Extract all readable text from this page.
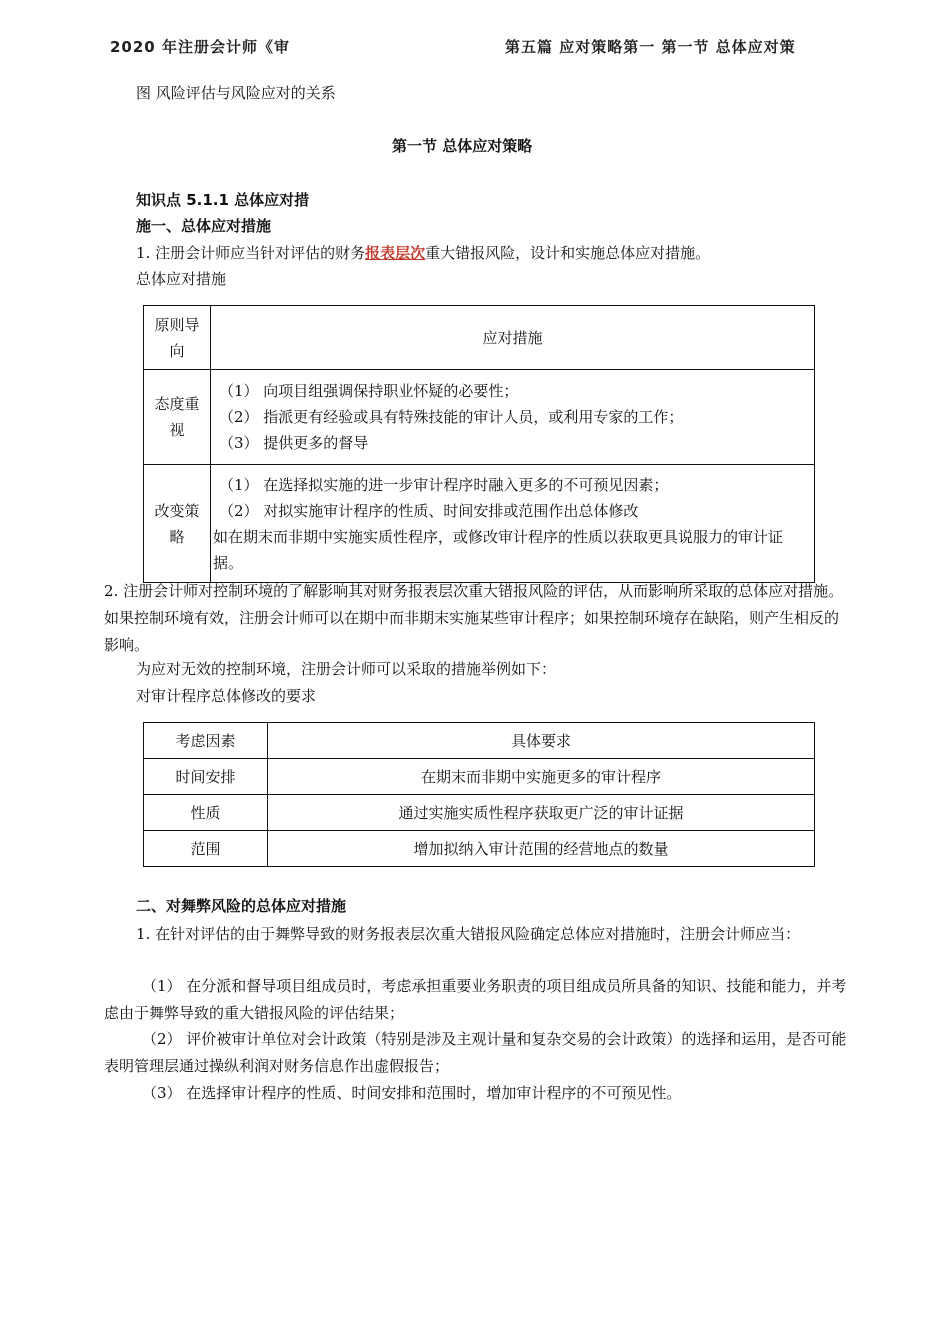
2020 年注册会计师《审	第五篇 应对策略第一 第一节 总体应对策
图 风险评估与风险应对的关系
第一节 总体应对策略
知识点 5.1.1 总体应对措
施一、总体应对措施
1. 注册会计师应当针对评估的财务报表层次重大错报风险，设计和实施总体应对措施。
总体应对措施
原则导向	应对措施
态度重视	（1） 向项目组强调保持职业怀疑的必要性；
（2） 指派更有经验或具有特殊技能的审计人员，或利用专家的工作；
（3） 提供更多的督导

改变策略	（1） 在选择拟实施的进一步审计程序时融入更多的不可预见因素；
（2） 对拟实施审计程序的性质、时间安排或范围作出总体修改
如在期末而非期中实施实质性程序，或修改审计程序的性质以获取更具说服力的审计证据。
2. 注册会计师对控制环境的了解影响其对财务报表层次重大错报风险的评估，从而影响所采取的总体应对措施。如果控制环境有效，注册会计师可以在期中而非期末实施某些审计程序；如果控制环境存在缺陷，则产生相反的影响。
为应对无效的控制环境，注册会计师可以采取的措施举例如下：
对审计程序总体修改的要求
考虑因素	具体要求
时间安排	在期末而非期中实施更多的审计程序
性质	通过实施实质性程序获取更广泛的审计证据
范围	增加拟纳入审计范围的经营地点的数量
二、对舞弊风险的总体应对措施
1. 在针对评估的由于舞弊导致的财务报表层次重大错报风险确定总体应对措施时，注册会计师应当：
（1） 在分派和督导项目组成员时，考虑承担重要业务职责的项目组成员所具备的知识、技能和能力，并考虑由于舞弊导致的重大错报风险的评估结果；
（2） 评价被审计单位对会计政策（特别是涉及主观计量和复杂交易的会计政策）的选择和运用，是否可能表明管理层通过操纵利润对财务信息作出虚假报告；
（3） 在选择审计程序的性质、时间安排和范围时，增加审计程序的不可预见性。
